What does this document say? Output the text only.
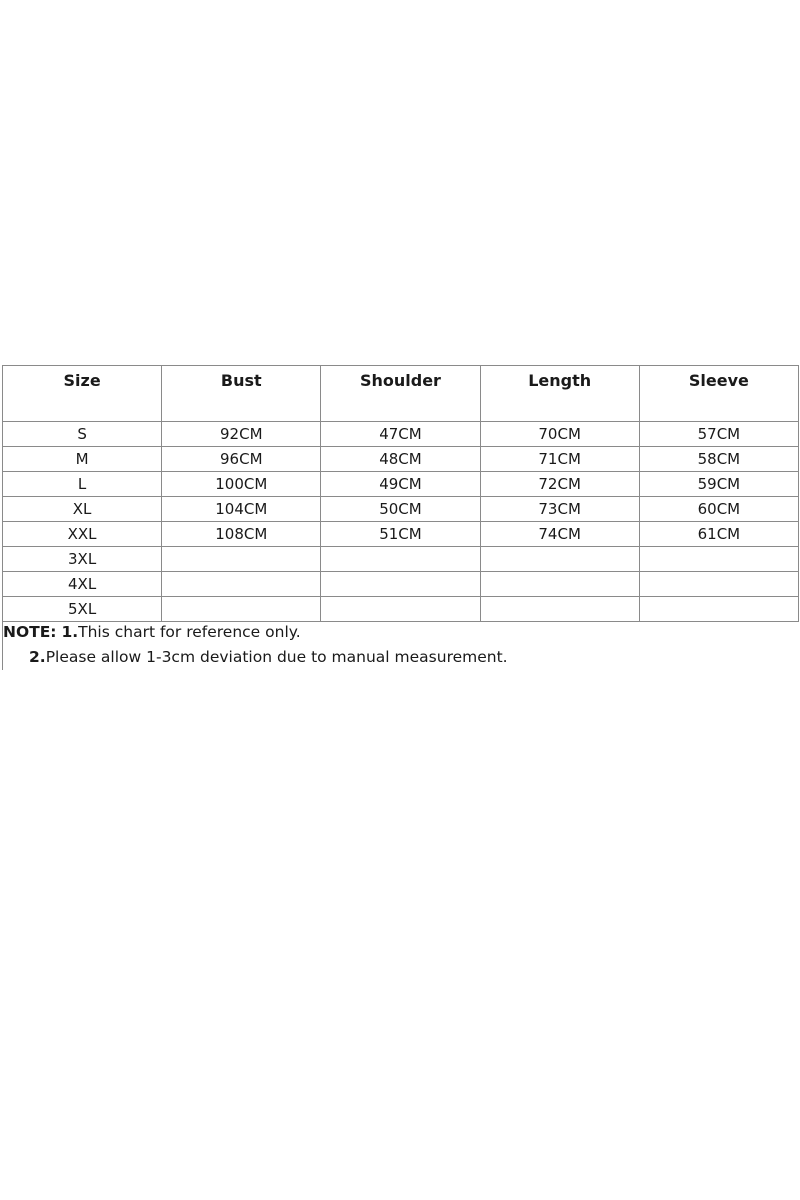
Size	Bust	Shoulder	Length	Sleeve
S	92CM	47CM	70CM	57CM
M	96CM	48CM	71CM	58CM
L	100CM	49CM	72CM	59CM
XL	104CM	50CM	73CM	60CM
XXL	108CM	51CM	74CM	61CM
3XL				
4XL				
5XL				
NOTE: 1.This chart for reference only.
2.Please allow 1-3cm deviation due to manual measurement.
